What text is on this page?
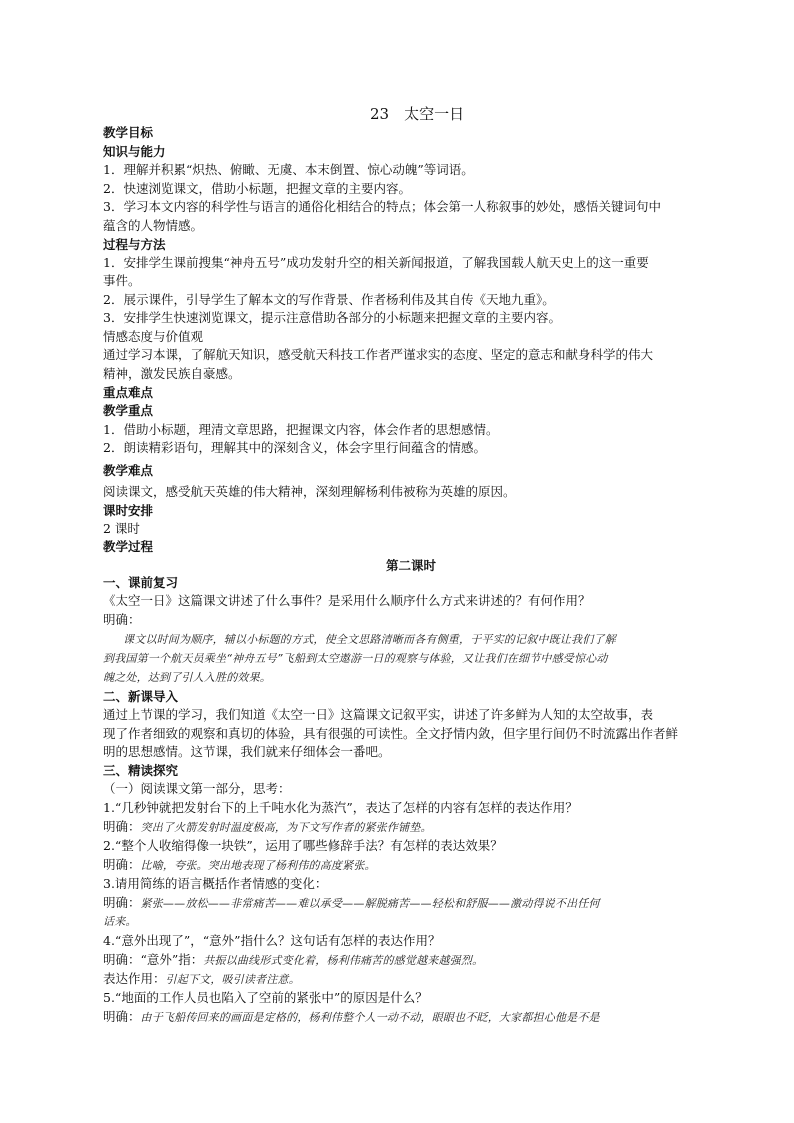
23　太空一日
教学目标
知识与能力
1．理解并积累“炽热、俯瞰、无虞、本末倒置、惊心动魄”等词语。
2．快速浏览课文，借助小标题，把握文章的主要内容。
3．学习本文内容的科学性与语言的通俗化相结合的特点；体会第一人称叙事的妙处，感悟关键词句中
蕴含的人物情感。
过程与方法
1．安排学生课前搜集“神舟五号”成功发射升空的相关新闻报道，了解我国载人航天史上的这一重要
事件。
2．展示课件，引导学生了解本文的写作背景、作者杨利伟及其自传《天地九重》。
3．安排学生快速浏览课文，提示注意借助各部分的小标题来把握文章的主要内容。
情感态度与价值观
通过学习本课，了解航天知识，感受航天科技工作者严谨求实的态度、坚定的意志和献身科学的伟大
精神，激发民族自豪感。
重点难点
教学重点
1．借助小标题，理清文章思路，把握课文内容，体会作者的思想感情。
2．朗读精彩语句，理解其中的深刻含义，体会字里行间蕴含的情感。
教学难点
阅读课文，感受航天英雄的伟大精神，深刻理解杨利伟被称为英雄的原因。
课时安排
2 课时
教学过程
第二课时
一、课前复习
《太空一日》这篇课文讲述了什么事件？是采用什么顺序什么方式来讲述的？有何作用？
明确：
课文以时间为顺序，辅以小标题的方式，使全文思路清晰而各有侧重，于平实的记叙中既让我们了解
到我国第一个航天员乘坐“神舟五号”飞船到太空遨游一日的观察与体验，又让我们在细节中感受惊心动
魄之处，达到了引人入胜的效果。
二、新课导入
通过上节课的学习，我们知道《太空一日》这篇课文记叙平实，讲述了许多鲜为人知的太空故事，表
现了作者细致的观察和真切的体验，具有很强的可读性。全文抒情内敛，但字里行间仍不时流露出作者鲜
明的思想感情。这节课，我们就来仔细体会一番吧。
三、精读探究
（一）阅读课文第一部分，思考：
1.“几秒钟就把发射台下的上千吨水化为蒸汽”，表达了怎样的内容有怎样的表达作用？
明确：突出了火箭发射时温度极高，为下文写作者的紧张作铺垫。
2.“整个人收缩得像一块铁”，运用了哪些修辞手法？有怎样的表达效果？
明确：比喻，夸张。突出地表现了杨利伟的高度紧张。
3.请用简练的语言概括作者情感的变化：
明确：紧张——放松——非常痛苦——难以承受——解脱痛苦——轻松和舒服——激动得说不出任何
话来。
4.“意外出现了”，“意外”指什么？这句话有怎样的表达作用？
明确：“意外”指：共振以曲线形式变化着，杨利伟痛苦的感觉越来越强烈。
表达作用：引起下文，吸引读者注意。
5.“地面的工作人员也陷入了空前的紧张中”的原因是什么？
明确：由于飞船传回来的画面是定格的，杨利伟整个人一动不动，眼眼也不眨，大家都担心他是不是
